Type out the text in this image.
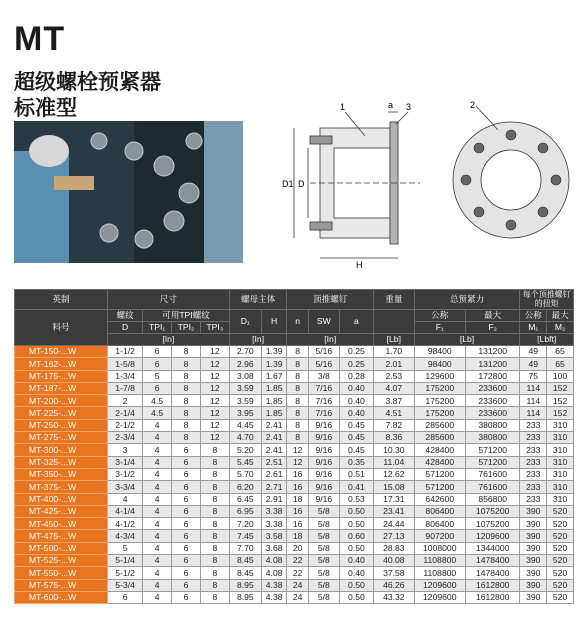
MT
超级螺栓预紧器
标准型	1	a 3
D1 D
H
2
英制	尺寸				螺母主体		顶推螺钉			重量	总预紧力		每个顶推螺钉的扭矩	
料号	螺纹	可用TPI螺纹			D₁	H	n	SW	a		公称	最大	公称	最大
	D	TPI₁	TPI₂	TPI₃							F₁	F₂	M₁	M₂
	[In]				[In]		[In]			[Lb]	[Lb]		[Lbft]	
MT-150-...W	1-1/2	6	8	12	2.70	1.39	8	5/16	0.25	1.70	98400	131200	49	65
MT-162-...W	1-5/8	6	8	12	2.96	1.39	8	5/16	0.25	2.01	98400	131200	49	65
MT-175-...W	1-3/4	5	8	12	3.08	1.67	8	3/8	0.28	2.53	129600	172800	75	100
MT-187-...W	1-7/8	6	8	12	3.59	1.85	8	7/16	0.40	4.07	175200	233600	114	152
MT-200-...W	2	4.5	8	12	3.59	1.85	8	7/16	0.40	3.87	175200	233600	114	152
MT-225-...W	2-1/4	4.5	8	12	3.95	1.85	8	7/16	0.40	4.51	175200	233600	114	152
MT-250-...W	2-1/2	4	8	12	4.45	2.41	8	9/16	0.45	7.82	285600	380800	233	310
MT-275-...W	2-3/4	4	8	12	4.70	2.41	8	9/16	0.45	8.36	285600	380800	233	310
MT-300-...W	3	4	6	8	5.20	2.41	12	9/16	0.45	10.30	428400	571200	233	310
MT-325-...W	3-1/4	4	6	8	5.45	2.51	12	9/16	0.35	11.04	428400	571200	233	310
MT-350-...W	3-1/2	4	6	8	5.70	2.61	16	9/16	0.51	12.62	571200	761600	233	310
MT-375-...W	3-3/4	4	6	8	6.20	2.71	16	9/16	0.41	15.08	571200	761600	233	310
MT-400-...W	4	4	6	8	6.45	2.91	18	9/16	0.53	17.31	642600	856800	233	310
MT-425-...W	4-1/4	4	6	8	6.95	3.38	16	5/8	0.50	23.41	806400	1075200	390	520
MT-450-...W	4-1/2	4	6	8	7.20	3.38	16	5/8	0.50	24.44	806400	1075200	390	520
MT-475-...W	4-3/4	4	6	8	7.45	3.58	18	5/8	0.60	27.13	907200	1209600	390	520
MT-500-...W	5	4	6	8	7.70	3.68	20	5/8	0.50	28.83	1008000	1344000	390	520
MT-525-...W	5-1/4	4	6	8	8.45	4.08	22	5/8	0.40	40.08	1108800	1478400	390	520
MT-550-...W	5-1/2	4	6	8	8.45	4.08	22	5/8	0.40	37.58	1108800	1478400	390	520
MT-575-...W	5-3/4	4	6	8	8.95	4.38	24	5/8	0.50	46.26	1209600	1612800	390	520
MT-600-...W	6	4	6	8	8.95	4.38	24	5/8	0.50	43.32	1209600	1612800	390	520
